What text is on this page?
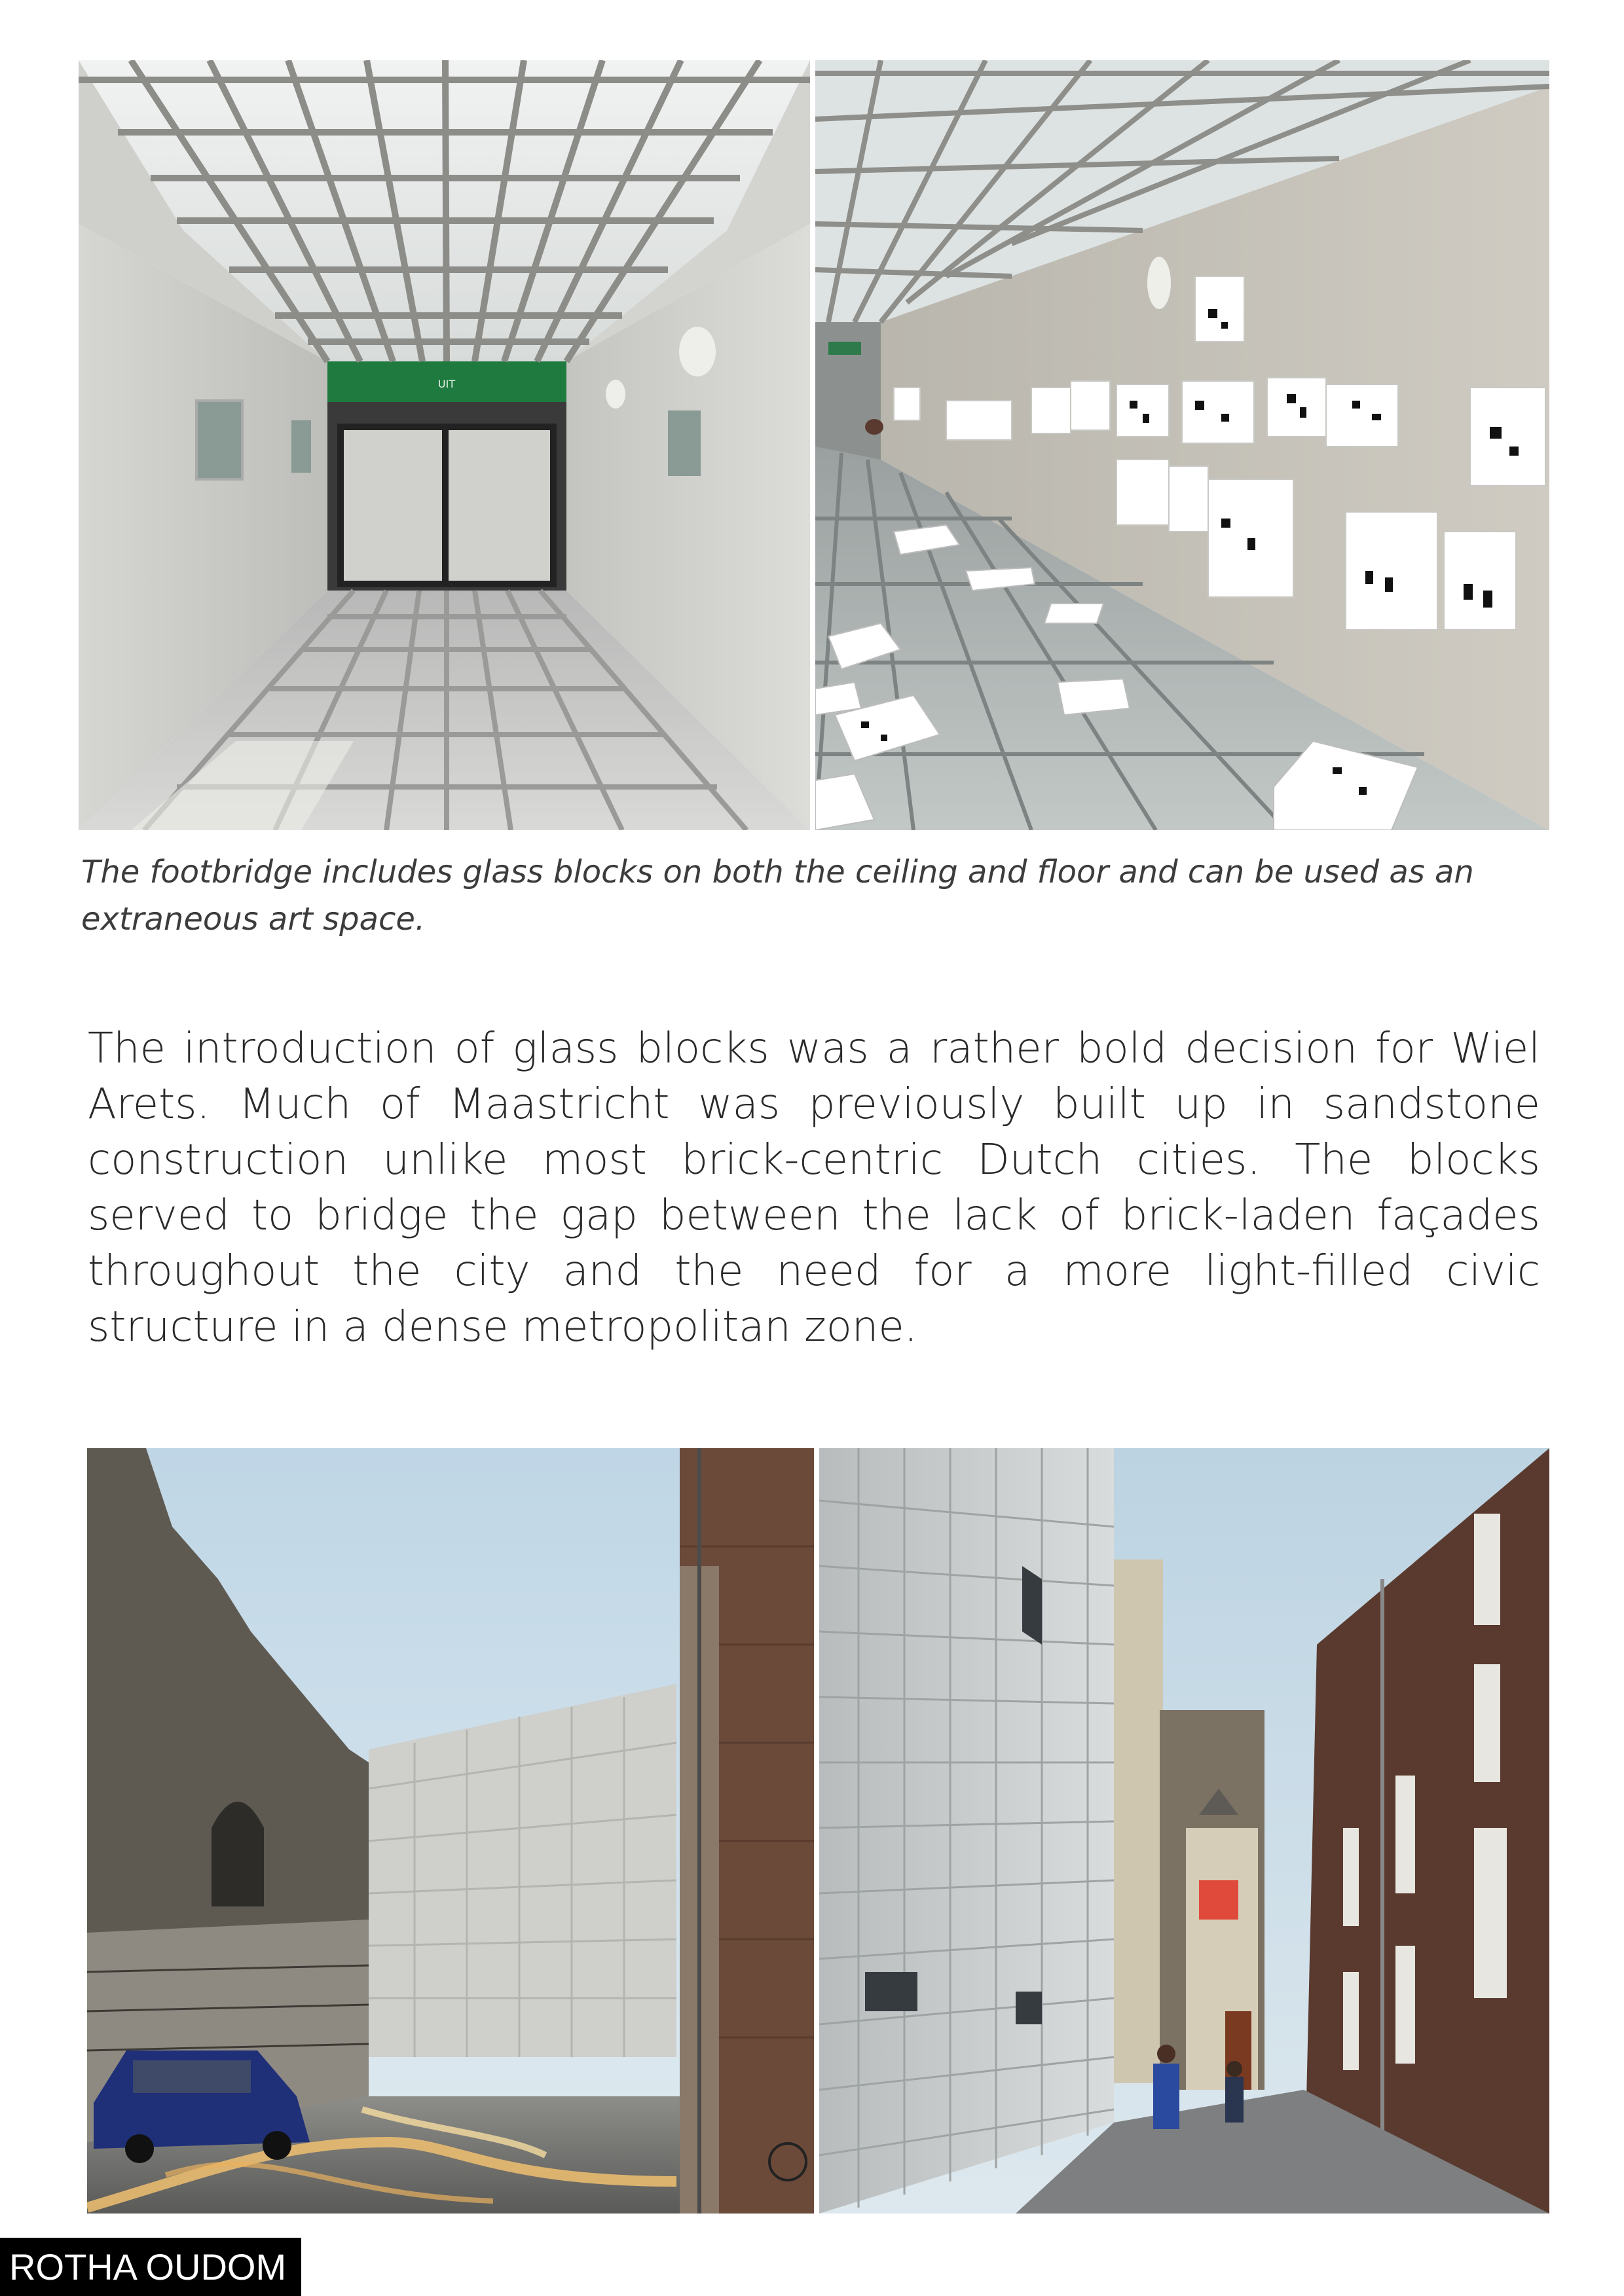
UIT

The footbridge includes glass blocks on both the ceiling and floor and can be used as an extraneous art space.

The introduction of glass blocks was a rather bold decision for Wiel Arets. Much of Maastricht was previously built up in sandstone construction unlike most brick-centric Dutch cities. The blocks served to bridge the gap between the lack of brick-laden façades throughout the city and the need for a more light-filled civic structure in a dense metropolitan zone.

ROTHA OUDOM
